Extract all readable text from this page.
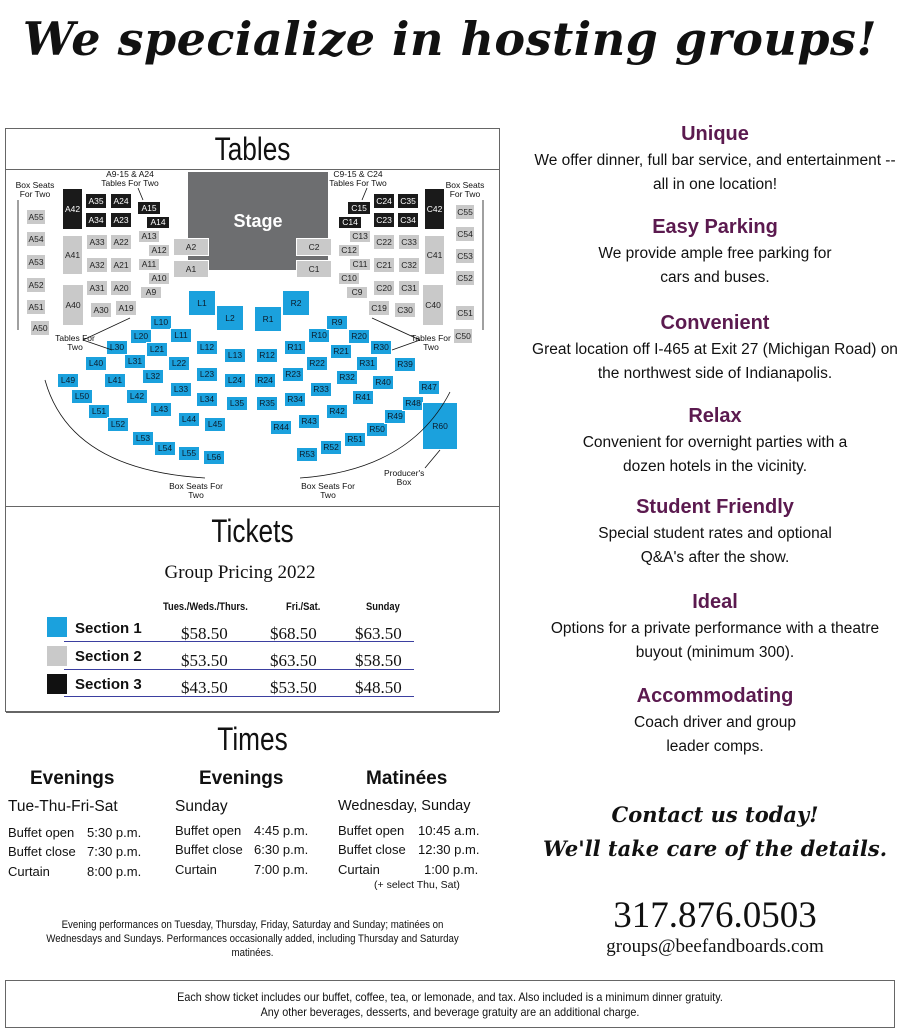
We specialize in hosting groups!
Tables
Tickets
Times
Stage
A55
A54
A53
A52
A51
A50
A42
A41
A40
A35
A34
A33
A32
A31
A30
A24
A23
A22
A21
A20
A19
A15
A14
A13
A12
A11
A10
A9
A2
A1
C2
C1
C15
C14
C13
C12
C11
C10
C9
C24
C23
C22
C21
C20
C19
C35
C34
C33
C32
C31
C30
C42
C41
C40
C55
C54
C53
C52
C51
C50
L1
L2	R1
R2
L10
L11
L12
L13	R12
R11
R10
R9
L20
L21
L22
L23
L24	R24
R23
R22
R21
R20
L30
L31
L32
L33
L34	L35	R35	R34
R33
R32
R31
R30
L40
L41
L42
L43
L44	L45	R44
R43
R42
R41
R40
R39
L49
L50
L51
L52
L53
L54	L55	L56	R53
R52
R51
R50
R49
R48
R47
R60
Box Seats For Two
Box Seats For Two
A9-15 & A24 Tables For Two
C9-15 & C24 Tables For Two
Tables For Two
Tables For Two
Box Seats For Two
Box Seats For Two
Producer's Box
Group Pricing 2022
Tues./Weds./Thurs.	Fri./Sat.	Sunday
Section 1 $58.50 $68.50 $63.50
Section 2 $53.50 $63.50 $58.50
Section 3 $43.50 $53.50 $48.50
Evenings
Tue-Thu-Fri-Sat
Buffet open 5:30 p.m.
Buffet close 7:30 p.m.
Curtain	8:00 p.m.
Evenings
Sunday
Buffet open 4:45 p.m.
Buffet close 6:30 p.m.
Curtain	7:00 p.m.
Matinées
Wednesday, Sunday
Buffet open 10:45 a.m.
Buffet close 12:30 p.m.
Curtain	1:00 p.m.
(+ select Thu, Sat)
Evening performances on Tuesday, Thursday, Friday, Saturday and Sunday; matinées on Wednesdays and Sundays. Performances occasionally added, including Thursday and Saturday matinées.
Unique
We offer dinner, full bar service, and entertainment -- all in one location!
Easy Parking
We provide ample free parking for cars and buses.
Convenient
Great location off I-465 at Exit 27 (Michigan Road) on the northwest side of Indianapolis.
Relax
Convenient for overnight parties with a dozen hotels in the vicinity.
Student Friendly
Special student rates and optional Q&A's after the show.
Ideal
Options for a private performance with a theatre buyout (minimum 300).
Accommodating
Coach driver and group leader comps.
Contact us today!
We'll take care of the details.
317.876.0503
groups@beefandboards.com
Each show ticket includes our buffet, coffee, tea, or lemonade, and tax. Also included is a minimum dinner gratuity.
Any other beverages, desserts, and beverage gratuity are an additional charge.
